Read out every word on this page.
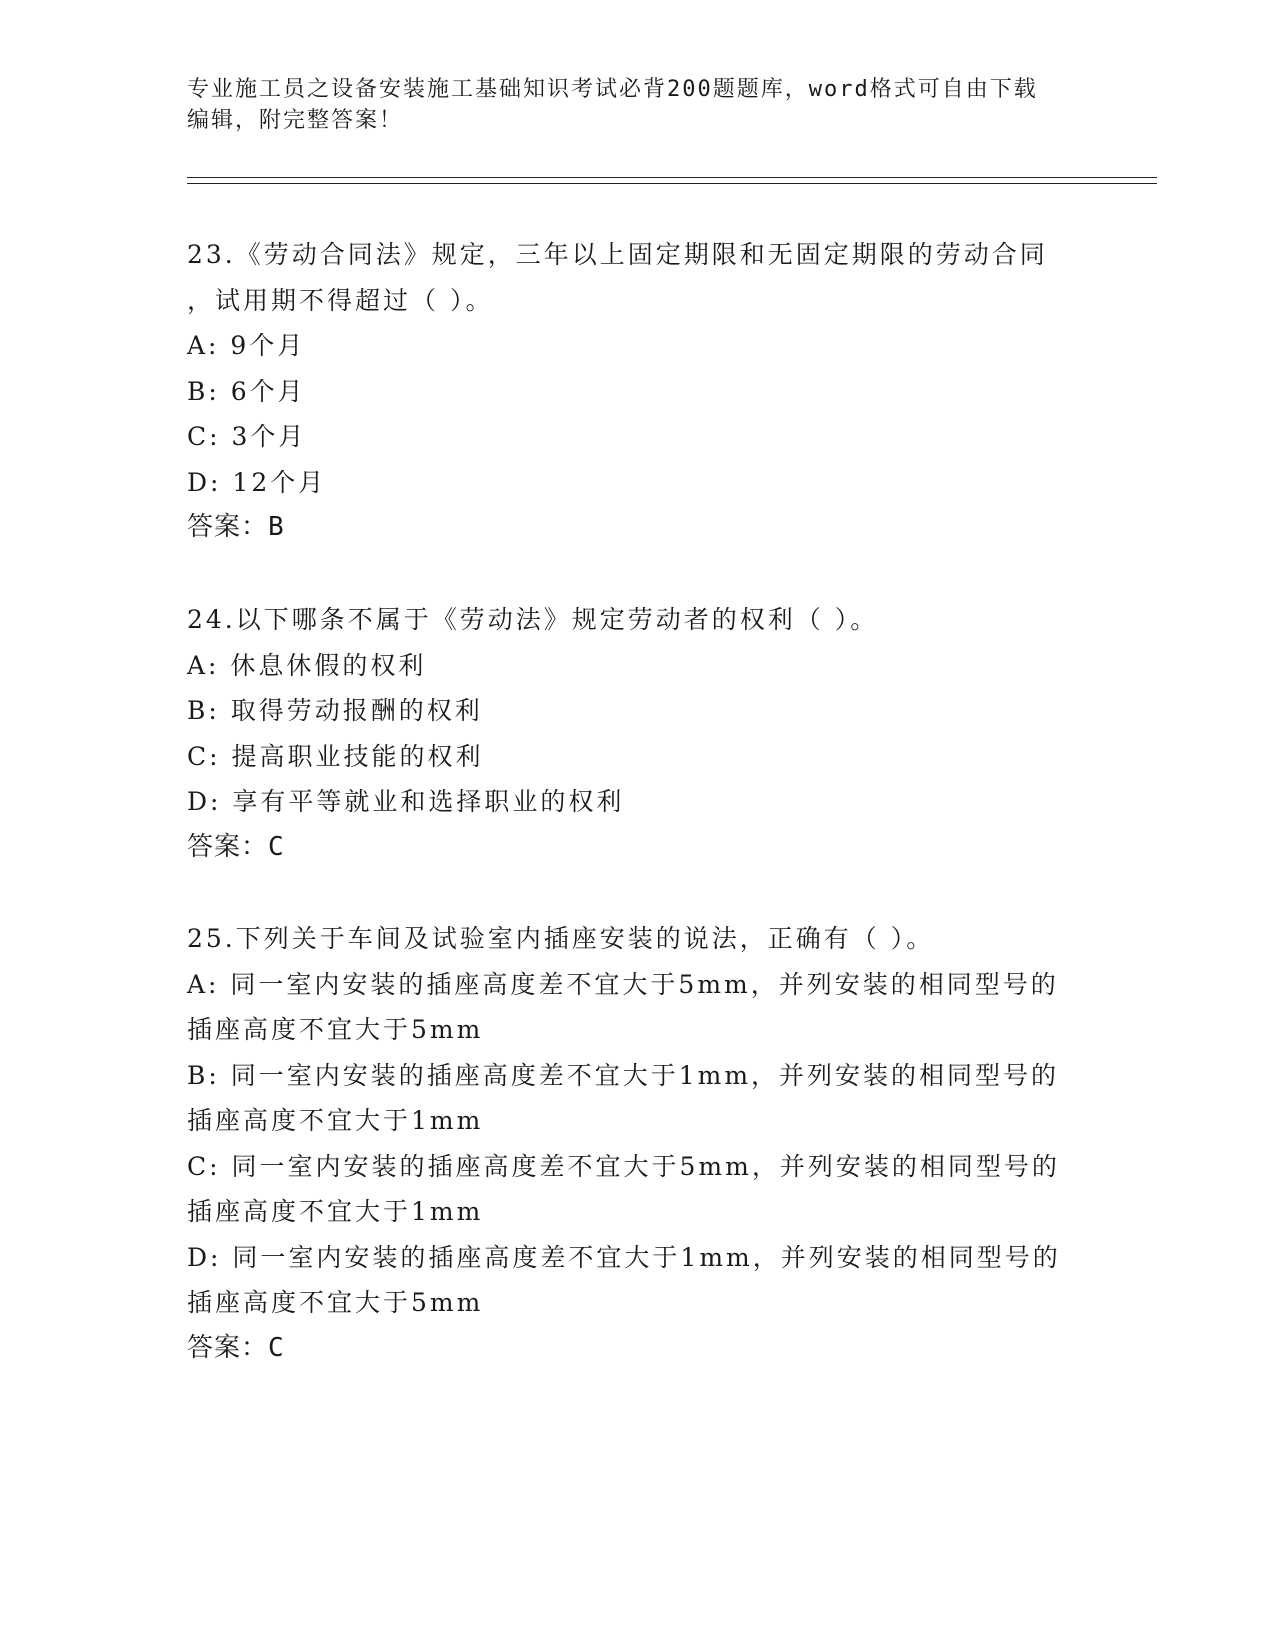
专业施工员之设备安装施工基础知识考试必背200题题库，word格式可自由下载

编辑，附完整答案！

23.《劳动合同法》规定，三年以上固定期限和无固定期限的劳动合同

，试用期不得超过（ ）。

A: 9个月

B: 6个月

C: 3个月

D: 12个月

答案：B

24.以下哪条不属于《劳动法》规定劳动者的权利（ ）。

A: 休息休假的权利

B: 取得劳动报酬的权利

C: 提高职业技能的权利

D: 享有平等就业和选择职业的权利

答案：C

25.下列关于车间及试验室内插座安装的说法，正确有（ ）。

A: 同一室内安装的插座高度差不宜大于5mm，并列安装的相同型号的

插座高度不宜大于5mm

B: 同一室内安装的插座高度差不宜大于1mm，并列安装的相同型号的

插座高度不宜大于1mm

C: 同一室内安装的插座高度差不宜大于5mm，并列安装的相同型号的

插座高度不宜大于1mm

D: 同一室内安装的插座高度差不宜大于1mm，并列安装的相同型号的

插座高度不宜大于5mm

答案：C
